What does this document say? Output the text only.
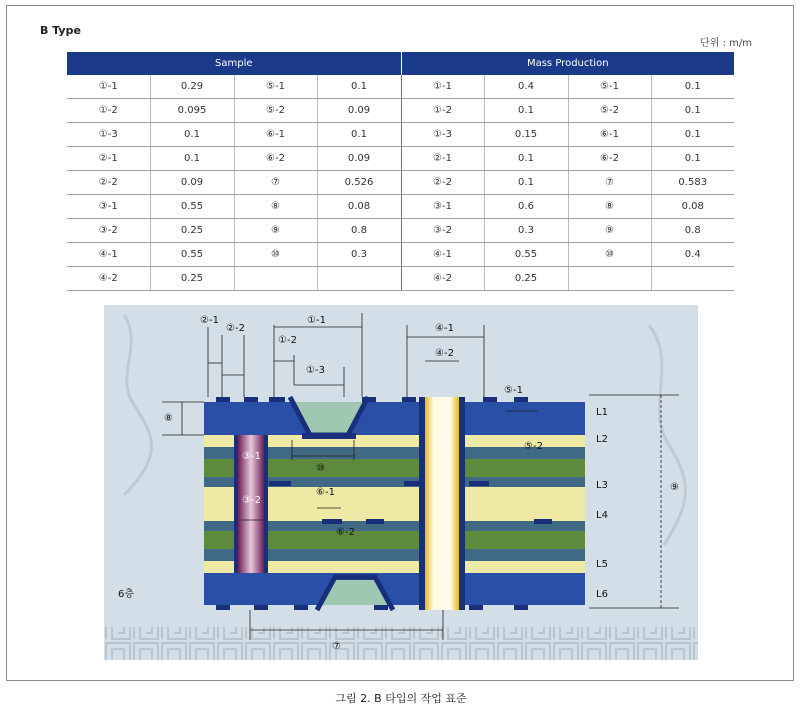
B Type
단위 : m/m
Sample				Mass Production			
①-1	0.29	⑤-1	0.1	①-1	0.4	⑤-1	0.1
①-2	0.095	⑤-2	0.09	①-2	0.1	⑤-2	0.1
①-3	0.1	⑥-1	0.1	①-3	0.15	⑥-1	0.1
②-1	0.1	⑥-2	0.09	②-1	0.1	⑥-2	0.1
②-2	0.09	⑦	0.526	②-2	0.1	⑦	0.583
③-1	0.55	⑧	0.08	③-1	0.6	⑧	0.08
③-2	0.25	⑨	0.8	③-2	0.3	⑨	0.8
④-1	0.55	⑩	0.3	④-1	0.55	⑩	0.4
④-2	0.25			④-2	0.25		
②-1
②-2
①-1
①-2
①-3
④-1
④-2
⑤-1
⑤-2
⑧
⑩
③-1
③-2
⑥-1
⑥-2
⑦
⑨
6층
L1
L2
L3
L4
L5
L6
그림 2. B 타입의 작업 표준
